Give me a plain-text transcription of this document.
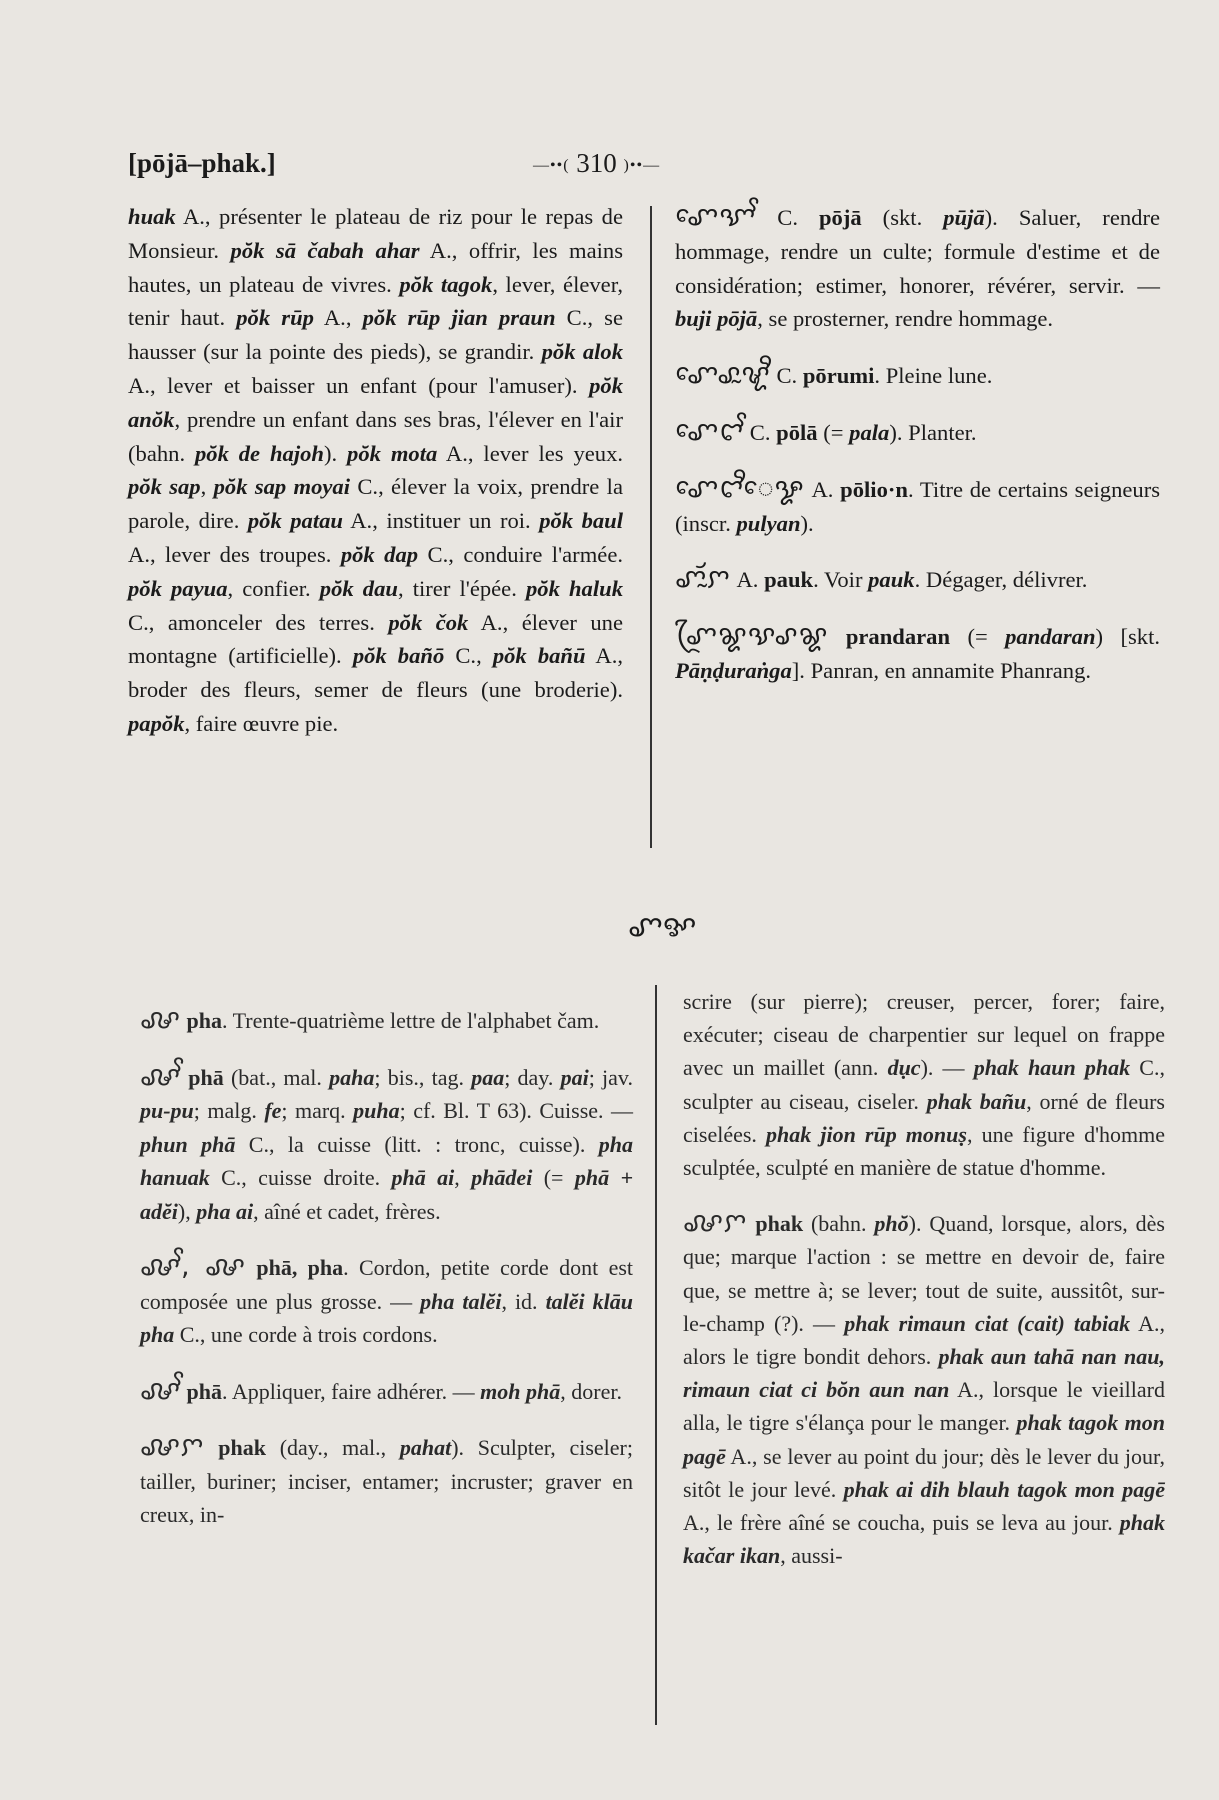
[pōjā–phak.]	—••( 310 )••—

huak A., présenter le plateau de riz pour le repas de Monsieur. pŏk sā čabah ahar A., offrir, les mains hautes, un plateau de vivres. pŏk tagok, lever, élever, tenir haut. pŏk rūp A., pŏk rūp jian praun C., se hausser (sur la pointe des pieds), se grandir. pŏk alok A., lever et baisser un enfant (pour l'amuser). pŏk anŏk, prendre un enfant dans ses bras, l'élever en l'air (bahn. pŏk de hajoh). pŏk mota A., lever les yeux. pŏk sap, pŏk sap moyai C., élever la voix, prendre la parole, dire. pŏk patau A., instituer un roi. pŏk baul A., lever des troupes. pŏk dap C., conduire l'armée. pŏk payua, confier. pŏk dau, tirer l'épée. pŏk haluk C., amonceler des terres. pŏk čok A., élever une montagne (artificielle). pŏk bañō C., pŏk bañū A., broder des fleurs, semer de fleurs (une broderie). papŏk, faire œuvre pie.

ꨚꨯꨎꨩ C. pōjā (skt. pūjā). Saluer, rendre hommage, rendre un culte; formule d'estime et de considération; estimer, honorer, révérer, servir. — buji pōjā, se prosterner, rendre hommage.

ꨚꨯꨣꨭꨠꨪ C. pōrumi. Pleine lune.

ꨚꨯꨤꨩ C. pōlā (= pala). Planter.

ꨚꨯꨤꨪꨯꨋ A. pōlio·n. Titre de certains seigneurs (inscr. pulyan).

ꨚꨮꨭꨆ A. pauk. Voir pauk. Dégager, délivrer.

ꨚꨴꨘꨕꨣꨘ prandaran (= pandaran) [skt. Pāṇḍuraṅga]. Panran, en annamite Phanrang.

ꨚꨀ

ꨜ pha. Trente-quatrième lettre de l'alphabet čam.

ꨜꨩ phā (bat., mal. paha; bis., tag. paa; day. pai; jav. pu-pu; malg. fe; marq. puha; cf. Bl. T 63). Cuisse. — phun phā C., la cuisse (litt. : tronc, cuisse). pha hanuak C., cuisse droite. phā ai, phādei (= phā + adĕi), pha ai, aîné et cadet, frères.

ꨜꨩ, ꨜ phā, pha. Cordon, petite corde dont est composée une plus grosse. — pha talĕi, id. talĕi klāu pha C., une corde à trois cordons.

ꨜꨩ phā. Appliquer, faire adhérer. — moh phā, dorer.

ꨜꨆ phak (day., mal., pahat). Sculpter, ciseler; tailler, buriner; inciser, entamer; incruster; graver en creux, in-

scrire (sur pierre); creuser, percer, forer; faire, exécuter; ciseau de charpentier sur lequel on frappe avec un maillet (ann. dục). — phak haun phak C., sculpter au ciseau, ciseler. phak bañu, orné de fleurs ciselées. phak jion rūp monuṣ, une figure d'homme sculptée, sculpté en manière de statue d'homme.

ꨜꨆ phak (bahn. phŏ). Quand, lorsque, alors, dès que; marque l'action : se mettre en devoir de, faire que, se mettre à; se lever; tout de suite, aussitôt, sur-le-champ (?). — phak rimaun ciat (cait) tabiak A., alors le tigre bondit dehors. phak aun tahā nan nau, rimaun ciat ci bŏn aun nan A., lorsque le vieillard alla, le tigre s'élança pour le manger. phak tagok mon pagē A., se lever au point du jour; dès le lever du jour, sitôt le jour levé. phak ai dih blauh tagok mon pagē A., le frère aîné se coucha, puis se leva au jour. phak kačar ikan, aussi-
